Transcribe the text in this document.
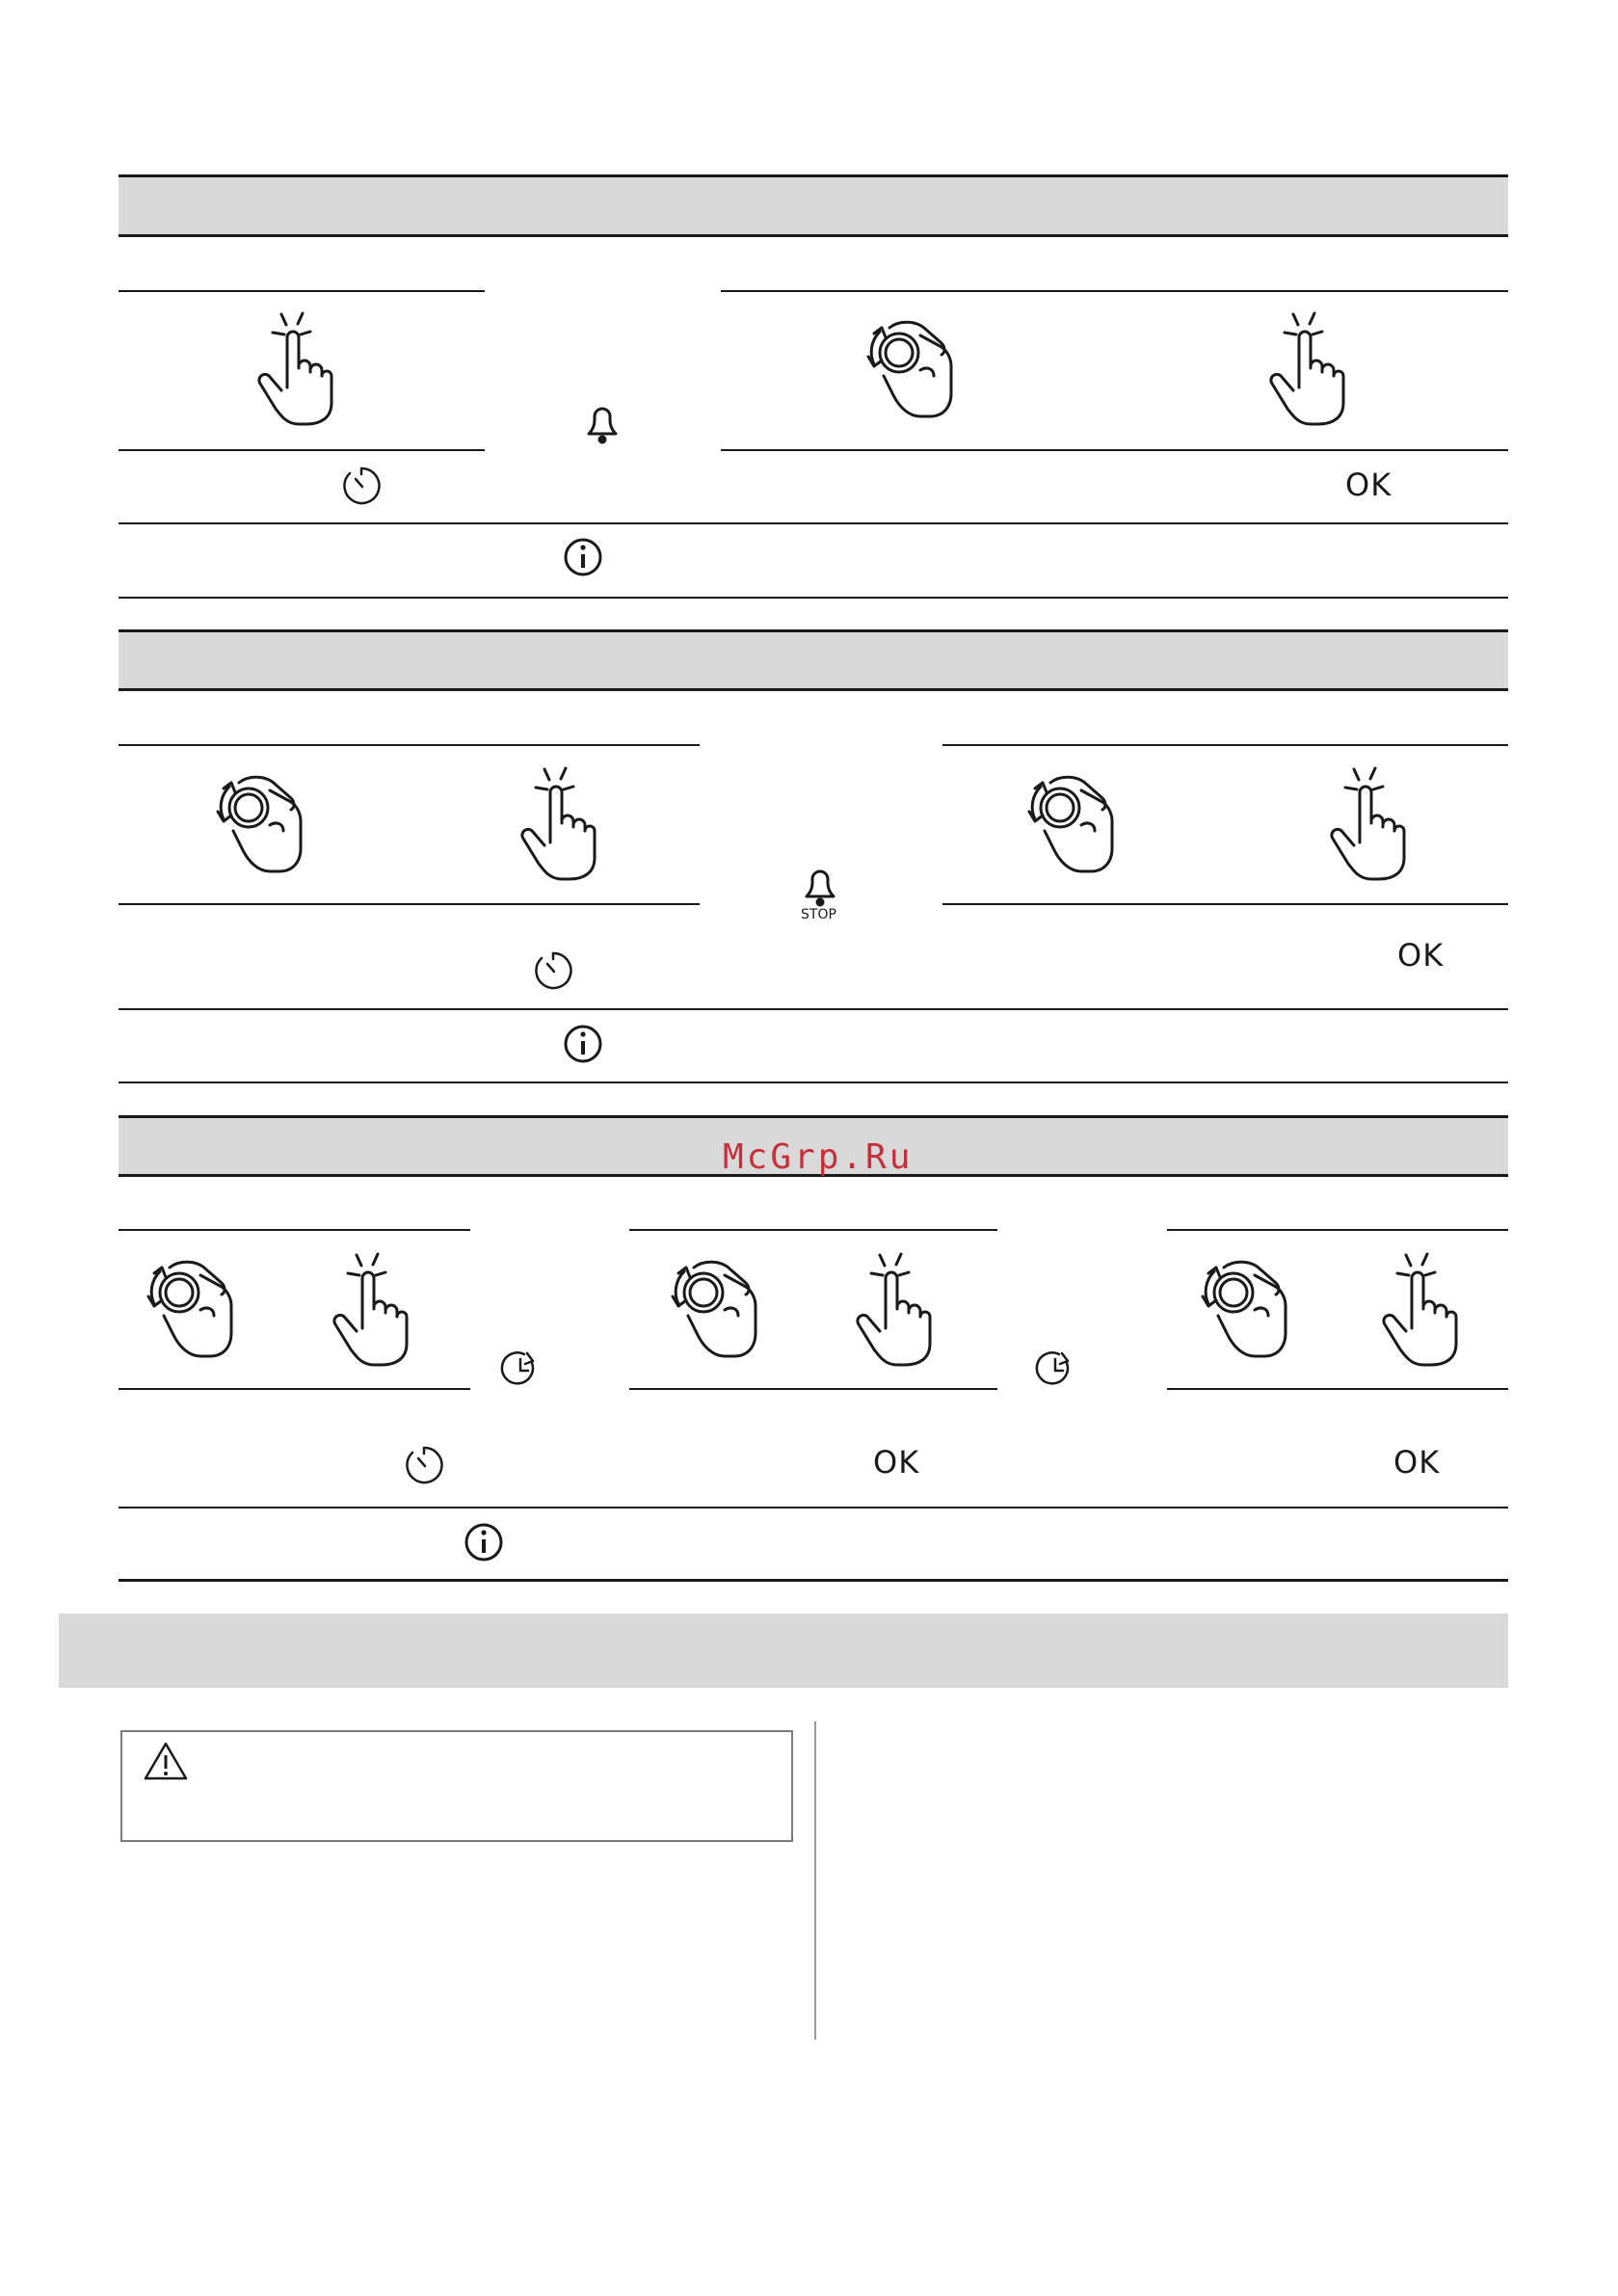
OK
STOP
OK
McGrp.Ru
OK	OK
